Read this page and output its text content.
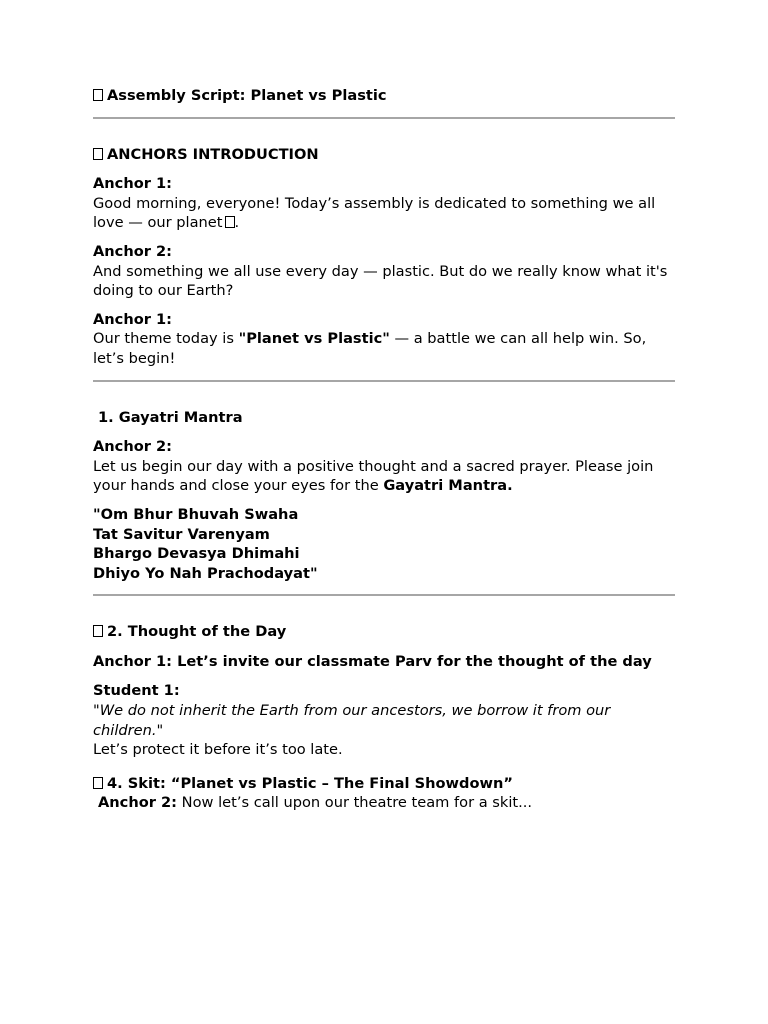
Assembly Script: Planet vs Plastic

ANCHORS INTRODUCTION

Anchor 1:

Good morning, everyone! Today’s assembly is dedicated to something we all love — our planet .

Anchor 2:

And something we all use every day — plastic. But do we really know what it's doing to our Earth?

Anchor 1:

Our theme today is "Planet vs Plastic" — a battle we can all help win. So, let’s begin!

1. Gayatri Mantra

Anchor 2:

Let us begin our day with a positive thought and a sacred prayer. Please join your hands and close your eyes for the Gayatri Mantra.

"Om Bhur Bhuvah Swaha

Tat Savitur Varenyam

Bhargo Devasya Dhimahi

Dhiyo Yo Nah Prachodayat"

2. Thought of the Day

Anchor 1: Let’s invite our classmate Parv for the thought of the day

Student 1:

"We do not inherit the Earth from our ancestors, we borrow it from our children."

Let’s protect it before it’s too late.

4. Skit: “Planet vs Plastic – The Final Showdown”

Anchor 2: Now let’s call upon our theatre team for a skit...
